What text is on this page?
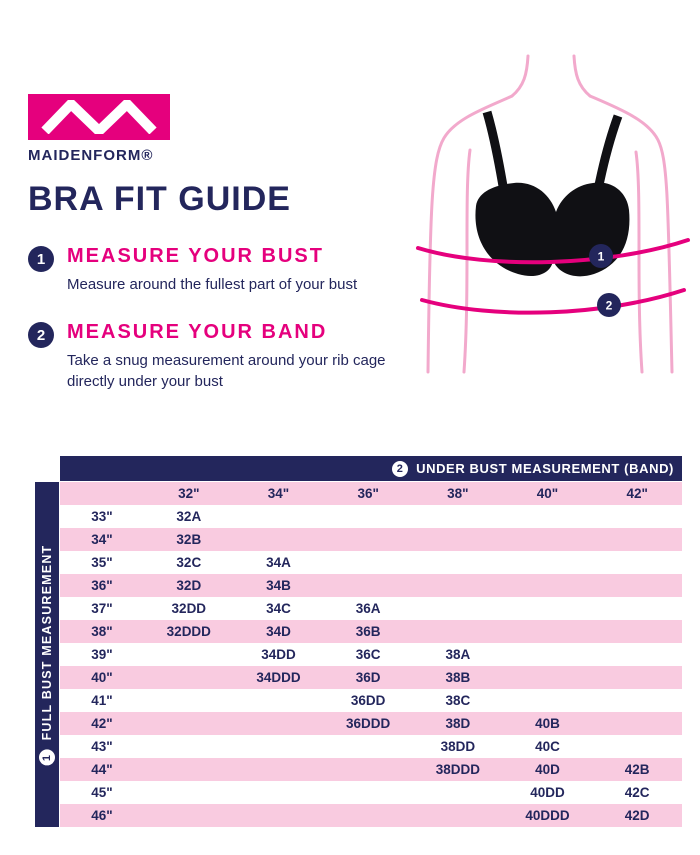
MAIDENFORM®
BRA FIT GUIDE
1	MEASURE YOUR BUST
Measure around the fullest part of your bust
2	MEASURE YOUR BAND
Take a snug measurement around your rib cage directly under your bust
1
2
2 UNDER BUST MEASUREMENT (BAND)
1
FULL BUST MEASUREMENT
	32"	34"	36"	38"	40"	42"
33"	32A					
34"	32B					
35"	32C	34A				
36"	32D	34B				
37"	32DD	34C	36A			
38"	32DDD	34D	36B			
39"		34DD	36C	38A		
40"		34DDD	36D	38B		
41"			36DD	38C		
42"			36DDD	38D	40B	
43"				38DD	40C	
44"				38DDD	40D	42B
45"					40DD	42C
46"					40DDD	42D
